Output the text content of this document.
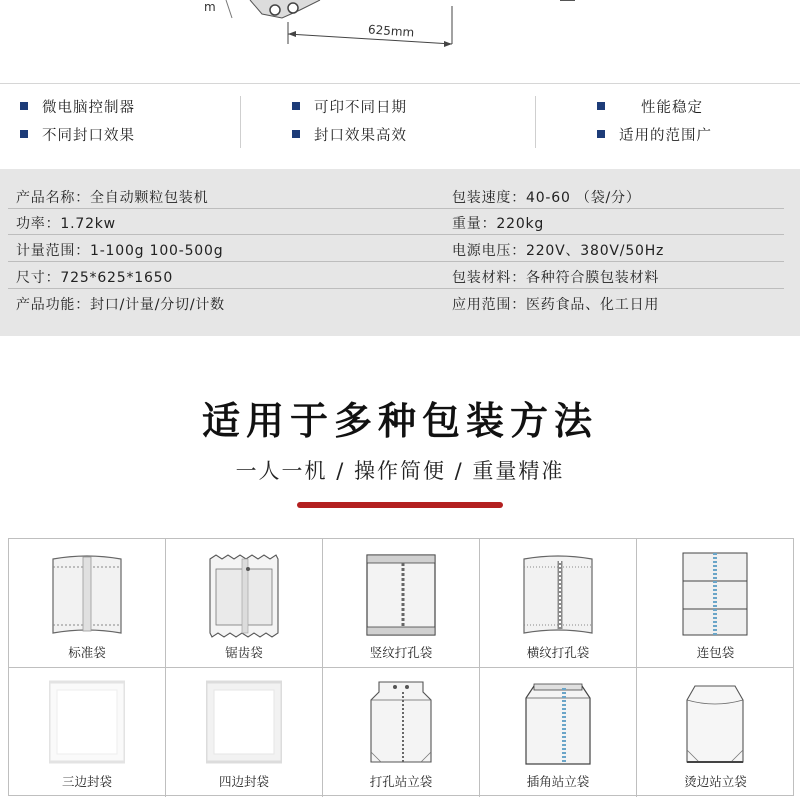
m
625mm
微电脑控制器	可印不同日期	性能稳定
不同封口效果	封口效果高效	适用的范围广
产品名称：全自动颗粒包装机	包装速度：40-60 （袋/分）
功率：1.72kw	重量：220kg
计量范围：1-100g 100-500g	电源电压：220V、380V/50Hz
尺寸：725*625*1650	包装材料：各种符合膜包装材料
产品功能：封口/计量/分切/计数	应用范围：医药食品、化工日用
适用于多种包装方法
一人一机 / 操作简便 / 重量精准
标准袋	锯齿袋	竖纹打孔袋	横纹打孔袋	连包袋
三边封袋	四边封袋	打孔站立袋	插角站立袋	烫边站立袋
